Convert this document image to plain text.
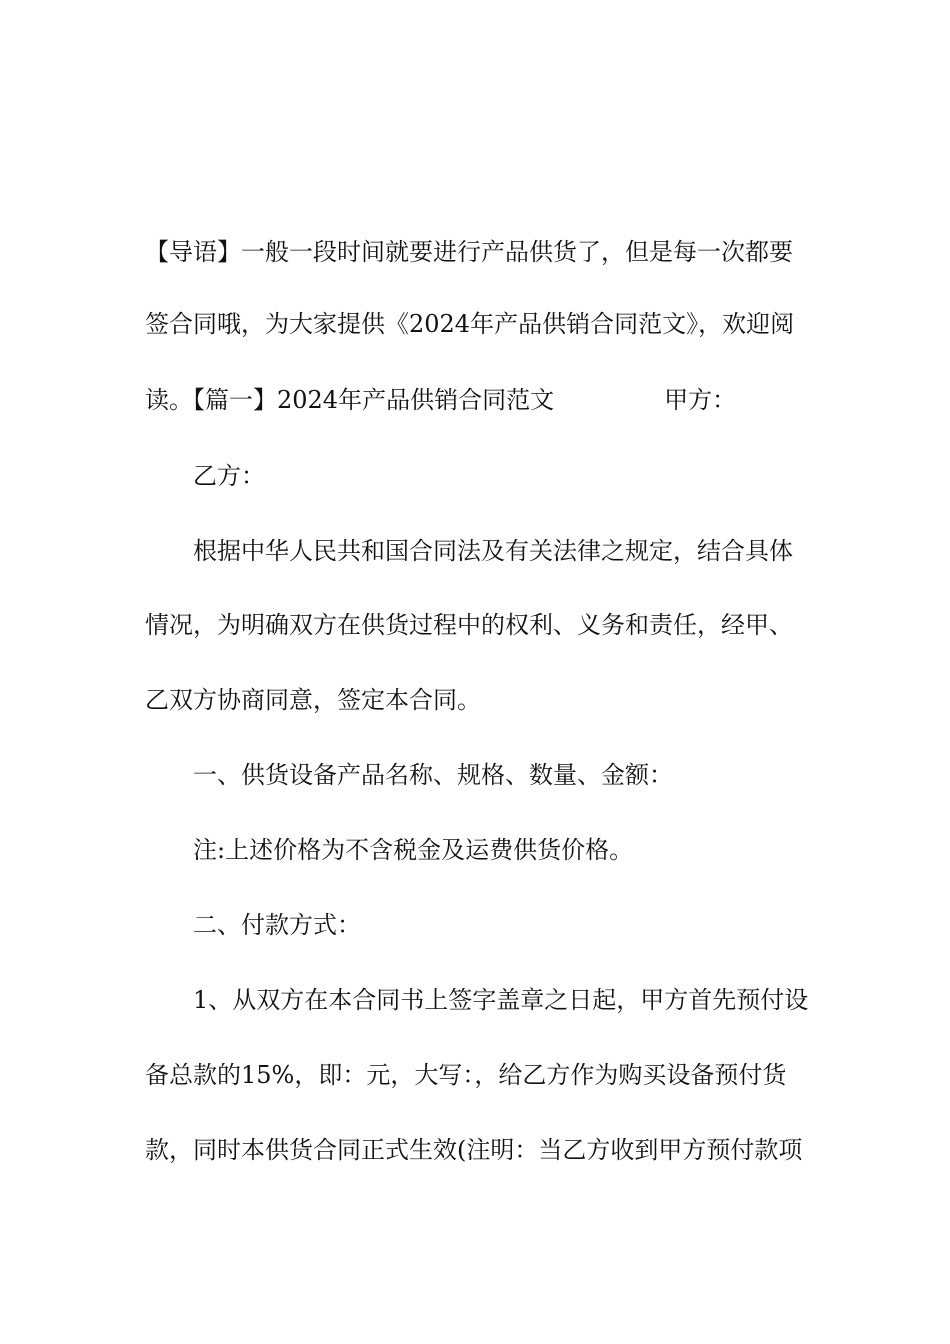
【导语】一般一段时间就要进行产品供货了，但是每一次都要
签合同哦，为大家提供《2024年产品供销合同范文》，欢迎阅
读。【篇一】2024年产品供销合同范文	甲方：
乙方：
根据中华人民共和国合同法及有关法律之规定，结合具体
情况，为明确双方在供货过程中的权利、义务和责任，经甲、
乙双方协商同意，签定本合同。
一、供货设备产品名称、规格、数量、金额：
注:上述价格为不含税金及运费供货价格。
二、付款方式：
1、从双方在本合同书上签字盖章之日起，甲方首先预付设
备总款的15%，即：元，大写：，给乙方作为购买设备预付货
款，同时本供货合同正式生效(注明：当乙方收到甲方预付款项
